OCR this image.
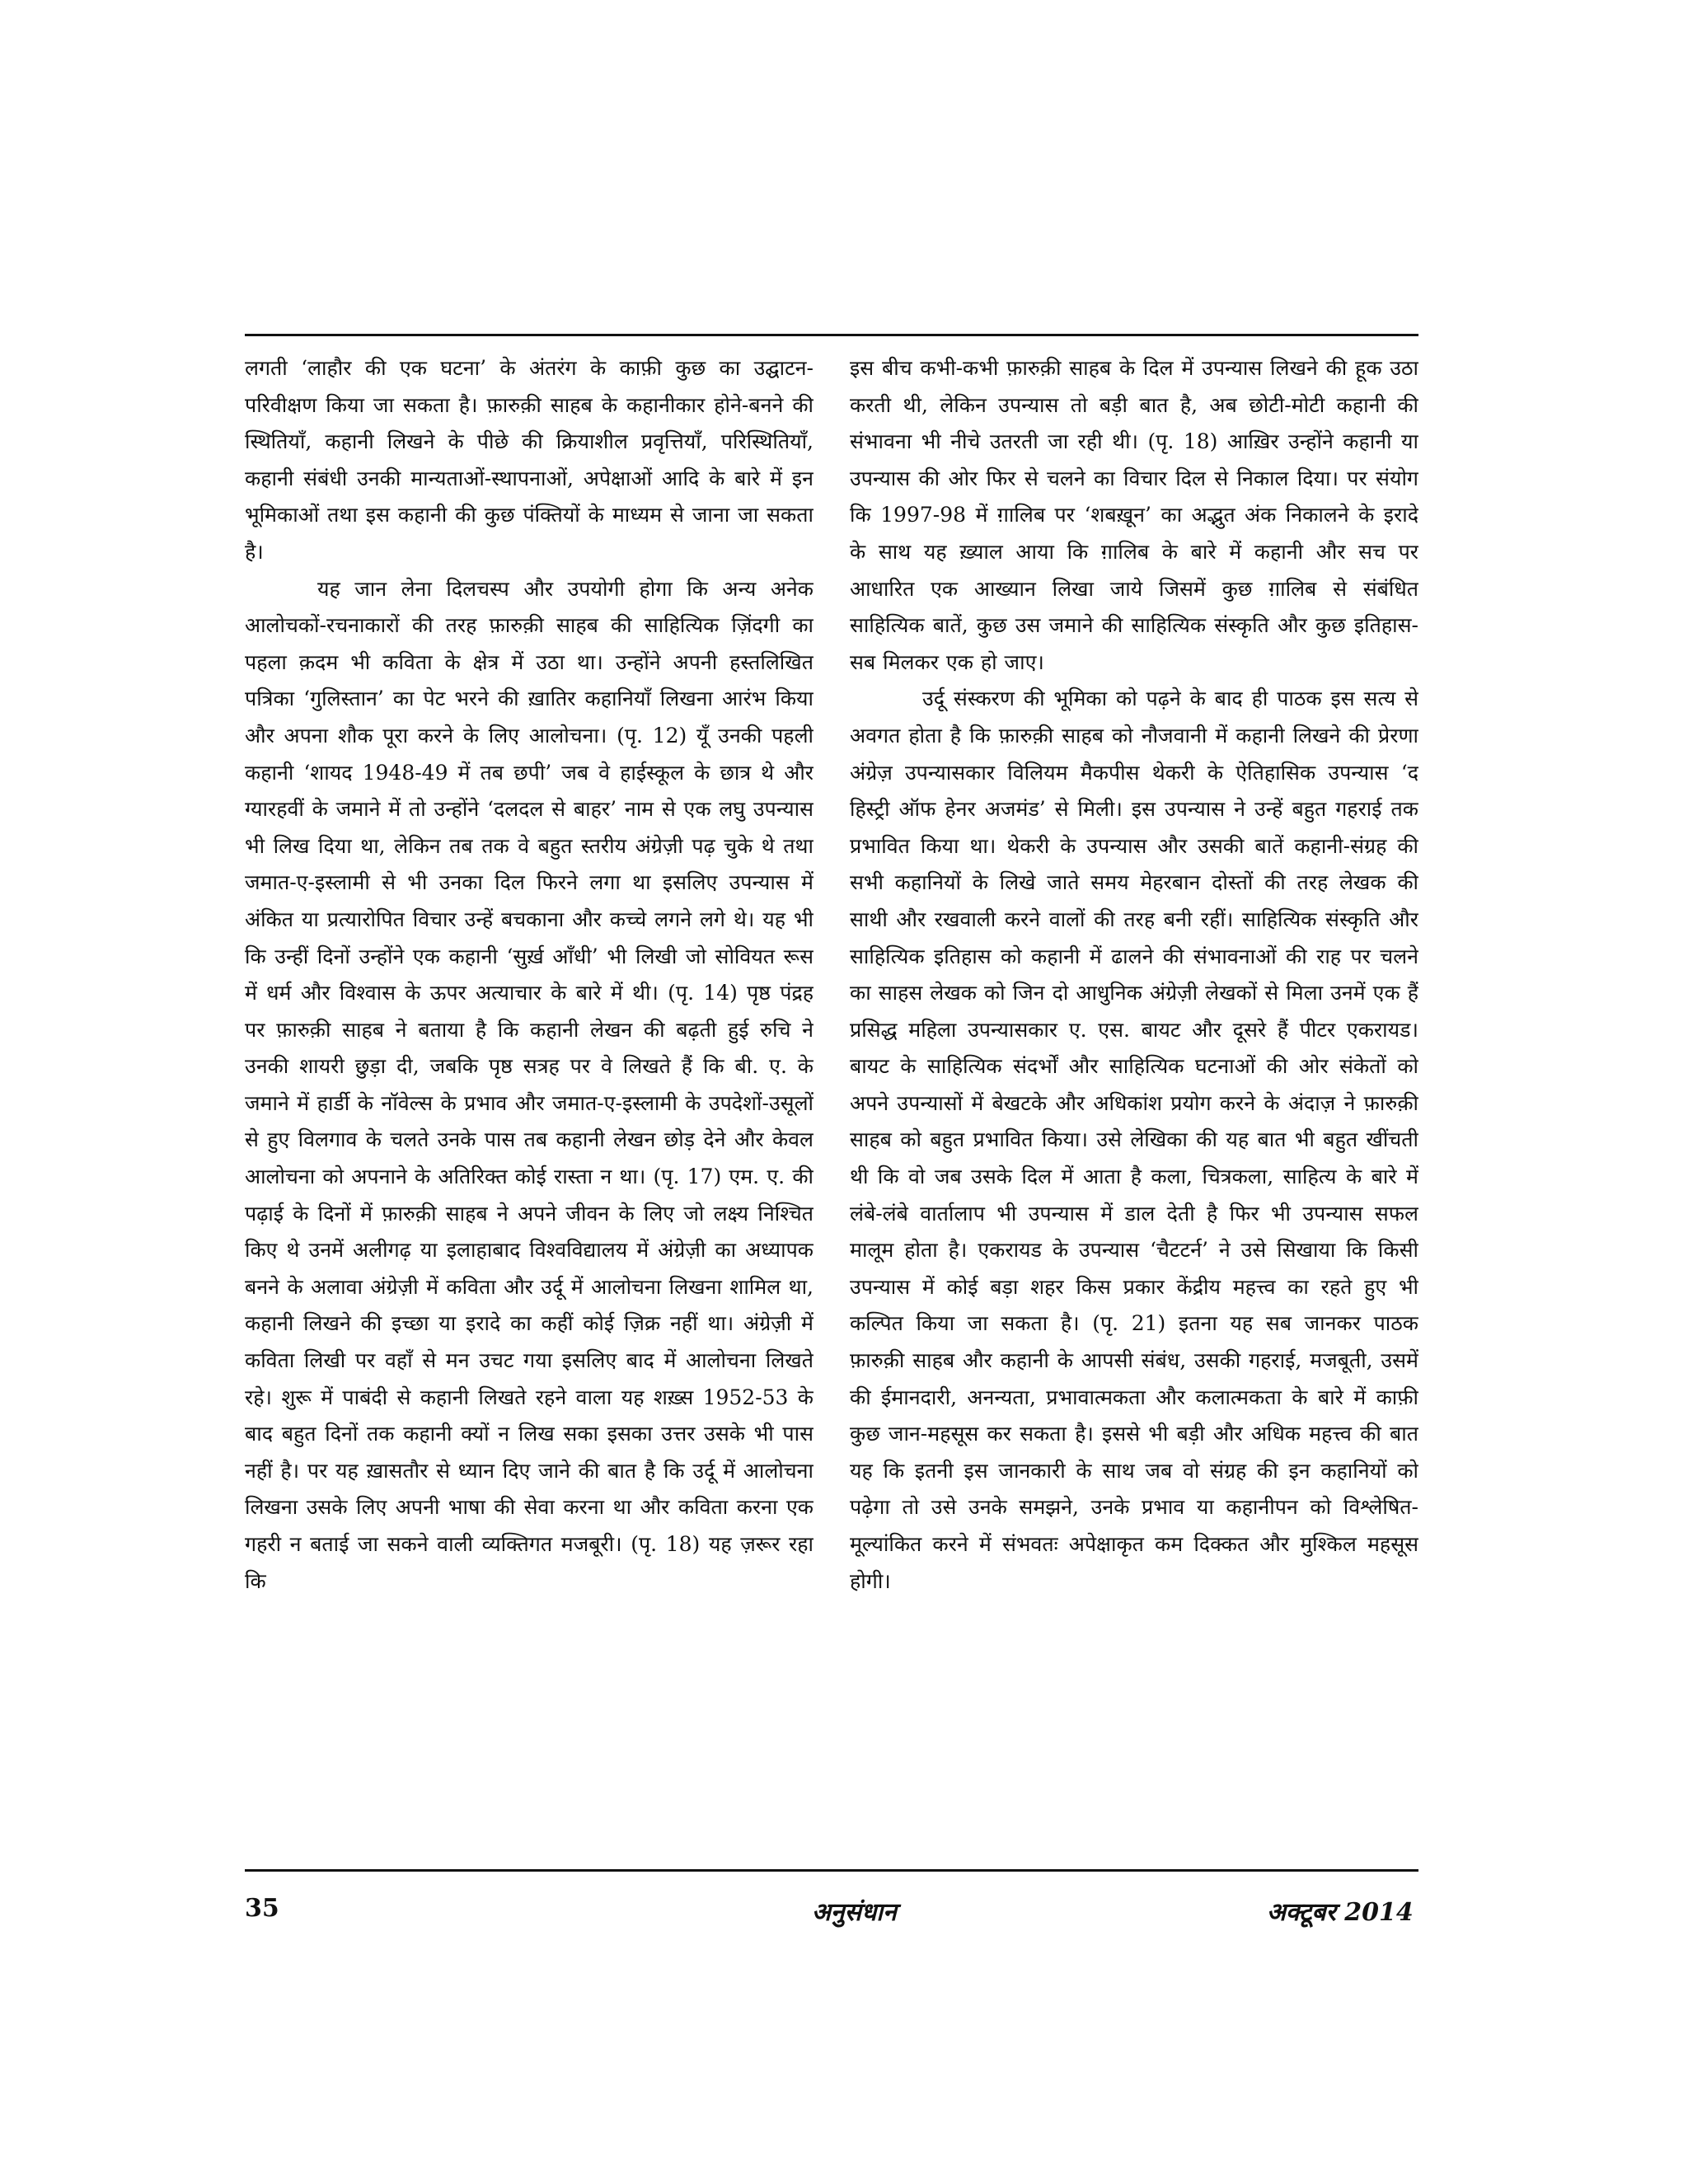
लगती ‘लाहौर की एक घटना’ के अंतरंग के काफ़ी कुछ का उद्घाटन-परिवीक्षण किया जा सकता है। फ़ारुक़ी साहब के कहानीकार होने-बनने की स्थितियाँ, कहानी लिखने के पीछे की क्रियाशील प्रवृत्तियाँ, परिस्थितियाँ, कहानी संबंधी उनकी मान्यताओं-स्थापनाओं, अपेक्षाओं आदि के बारे में इन भूमिकाओं तथा इस कहानी की कुछ पंक्तियों के माध्यम से जाना जा सकता है।

यह जान लेना दिलचस्प और उपयोगी होगा कि अन्य अनेक आलोचकों-रचनाकारों की तरह फ़ारुक़ी साहब की साहित्यिक ज़िंदगी का पहला क़दम भी कविता के क्षेत्र में उठा था। उन्होंने अपनी हस्तलिखित पत्रिका ‘गुलिस्तान’ का पेट भरने की ख़ातिर कहानियाँ लिखना आरंभ किया और अपना शौक पूरा करने के लिए आलोचना। (पृ. 12) यूँ उनकी पहली कहानी ‘शायद 1948-49 में तब छपी’ जब वे हाईस्कूल के छात्र थे और ग्यारहवीं के जमाने में तो उन्होंने ‘दलदल से बाहर’ नाम से एक लघु उपन्यास भी लिख दिया था, लेकिन तब तक वे बहुत स्तरीय अंग्रेज़ी पढ़ चुके थे तथा जमात-ए-इस्लामी से भी उनका दिल फिरने लगा था इसलिए उपन्यास में अंकित या प्रत्यारोपित विचार उन्हें बचकाना और कच्चे लगने लगे थे। यह भी कि उन्हीं दिनों उन्होंने एक कहानी ‘सुर्ख़ आँधी’ भी लिखी जो सोवियत रूस में धर्म और विश्वास के ऊपर अत्याचार के बारे में थी। (पृ. 14) पृष्ठ पंद्रह पर फ़ारुक़ी साहब ने बताया है कि कहानी लेखन की बढ़ती हुई रुचि ने उनकी शायरी छुड़ा दी, जबकि पृष्ठ सत्रह पर वे लिखते हैं कि बी. ए. के जमाने में हार्डी के नॉवेल्स के प्रभाव और जमात-ए-इस्लामी के उपदेशों-उसूलों से हुए विलगाव के चलते उनके पास तब कहानी लेखन छोड़ देने और केवल आलोचना को अपनाने के अतिरिक्त कोई रास्ता न था। (पृ. 17) एम. ए. की पढ़ाई के दिनों में फ़ारुक़ी साहब ने अपने जीवन के लिए जो लक्ष्य निश्चित किए थे उनमें अलीगढ़ या इलाहाबाद विश्वविद्यालय में अंग्रेज़ी का अध्यापक बनने के अलावा अंग्रेज़ी में कविता और उर्दू में आलोचना लिखना शामिल था, कहानी लिखने की इच्छा या इरादे का कहीं कोई ज़िक्र नहीं था। अंग्रेज़ी में कविता लिखी पर वहाँ से मन उचट गया इसलिए बाद में आलोचना लिखते रहे। शुरू में पाबंदी से कहानी लिखते रहने वाला यह शख़्स 1952-53 के बाद बहुत दिनों तक कहानी क्यों न लिख सका इसका उत्तर उसके भी पास नहीं है। पर यह ख़ासतौर से ध्यान दिए जाने की बात है कि उर्दू में आलोचना लिखना उसके लिए अपनी भाषा की सेवा करना था और कविता करना एक गहरी न बताई जा सकने वाली व्यक्तिगत मजबूरी। (पृ. 18) यह ज़रूर रहा कि

इस बीच कभी-कभी फ़ारुक़ी साहब के दिल में उपन्यास लिखने की हूक उठा करती थी, लेकिन उपन्यास तो बड़ी बात है, अब छोटी-मोटी कहानी की संभावना भी नीचे उतरती जा रही थी। (पृ. 18) आख़िर उन्होंने कहानी या उपन्यास की ओर फिर से चलने का विचार दिल से निकाल दिया। पर संयोग कि 1997-98 में ग़ालिब पर ‘शबख़ून’ का अद्भुत अंक निकालने के इरादे के साथ यह ख़्याल आया कि ग़ालिब के बारे में कहानी और सच पर आधारित एक आख्यान लिखा जाये जिसमें कुछ ग़ालिब से संबंधित साहित्यिक बातें, कुछ उस जमाने की साहित्यिक संस्कृति और कुछ इतिहास-सब मिलकर एक हो जाए।

उर्दू संस्करण की भूमिका को पढ़ने के बाद ही पाठक इस सत्य से अवगत होता है कि फ़ारुक़ी साहब को नौजवानी में कहानी लिखने की प्रेरणा अंग्रेज़ उपन्यासकार विलियम मैकपीस थेकरी के ऐतिहासिक उपन्यास ‘द हिस्ट्री ऑफ हेनर अजमंड’ से मिली। इस उपन्यास ने उन्हें बहुत गहराई तक प्रभावित किया था। थेकरी के उपन्यास और उसकी बातें कहानी-संग्रह की सभी कहानियों के लिखे जाते समय मेहरबान दोस्तों की तरह लेखक की साथी और रखवाली करने वालों की तरह बनी रहीं। साहित्यिक संस्कृति और साहित्यिक इतिहास को कहानी में ढालने की संभावनाओं की राह पर चलने का साहस लेखक को जिन दो आधुनिक अंग्रेज़ी लेखकों से मिला उनमें एक हैं प्रसिद्ध महिला उपन्यासकार ए. एस. बायट और दूसरे हैं पीटर एकरायड। बायट के साहित्यिक संदर्भों और साहित्यिक घटनाओं की ओर संकेतों को अपने उपन्यासों में बेखटके और अधिकांश प्रयोग करने के अंदाज़ ने फ़ारुक़ी साहब को बहुत प्रभावित किया। उसे लेखिका की यह बात भी बहुत खींचती थी कि वो जब उसके दिल में आता है कला, चित्रकला, साहित्य के बारे में लंबे-लंबे वार्तालाप भी उपन्यास में डाल देती है फिर भी उपन्यास सफल मालूम होता है। एकरायड के उपन्यास ‘चैटटर्न’ ने उसे सिखाया कि किसी उपन्यास में कोई बड़ा शहर किस प्रकार केंद्रीय महत्त्व का रहते हुए भी कल्पित किया जा सकता है। (पृ. 21) इतना यह सब जानकर पाठक फ़ारुक़ी साहब और कहानी के आपसी संबंध, उसकी गहराई, मजबूती, उसमें की ईमानदारी, अनन्यता, प्रभावात्मकता और कलात्मकता के बारे में काफ़ी कुछ जान-महसूस कर सकता है। इससे भी बड़ी और अधिक महत्त्व की बात यह कि इतनी इस जानकारी के साथ जब वो संग्रह की इन कहानियों को पढ़ेगा तो उसे उनके समझने, उनके प्रभाव या कहानीपन को विश्लेषित-मूल्यांकित करने में संभवतः अपेक्षाकृत कम दिक्कत और मुश्किल महसूस होगी।

35	अनुसंधान	अक्टूबर 2014
